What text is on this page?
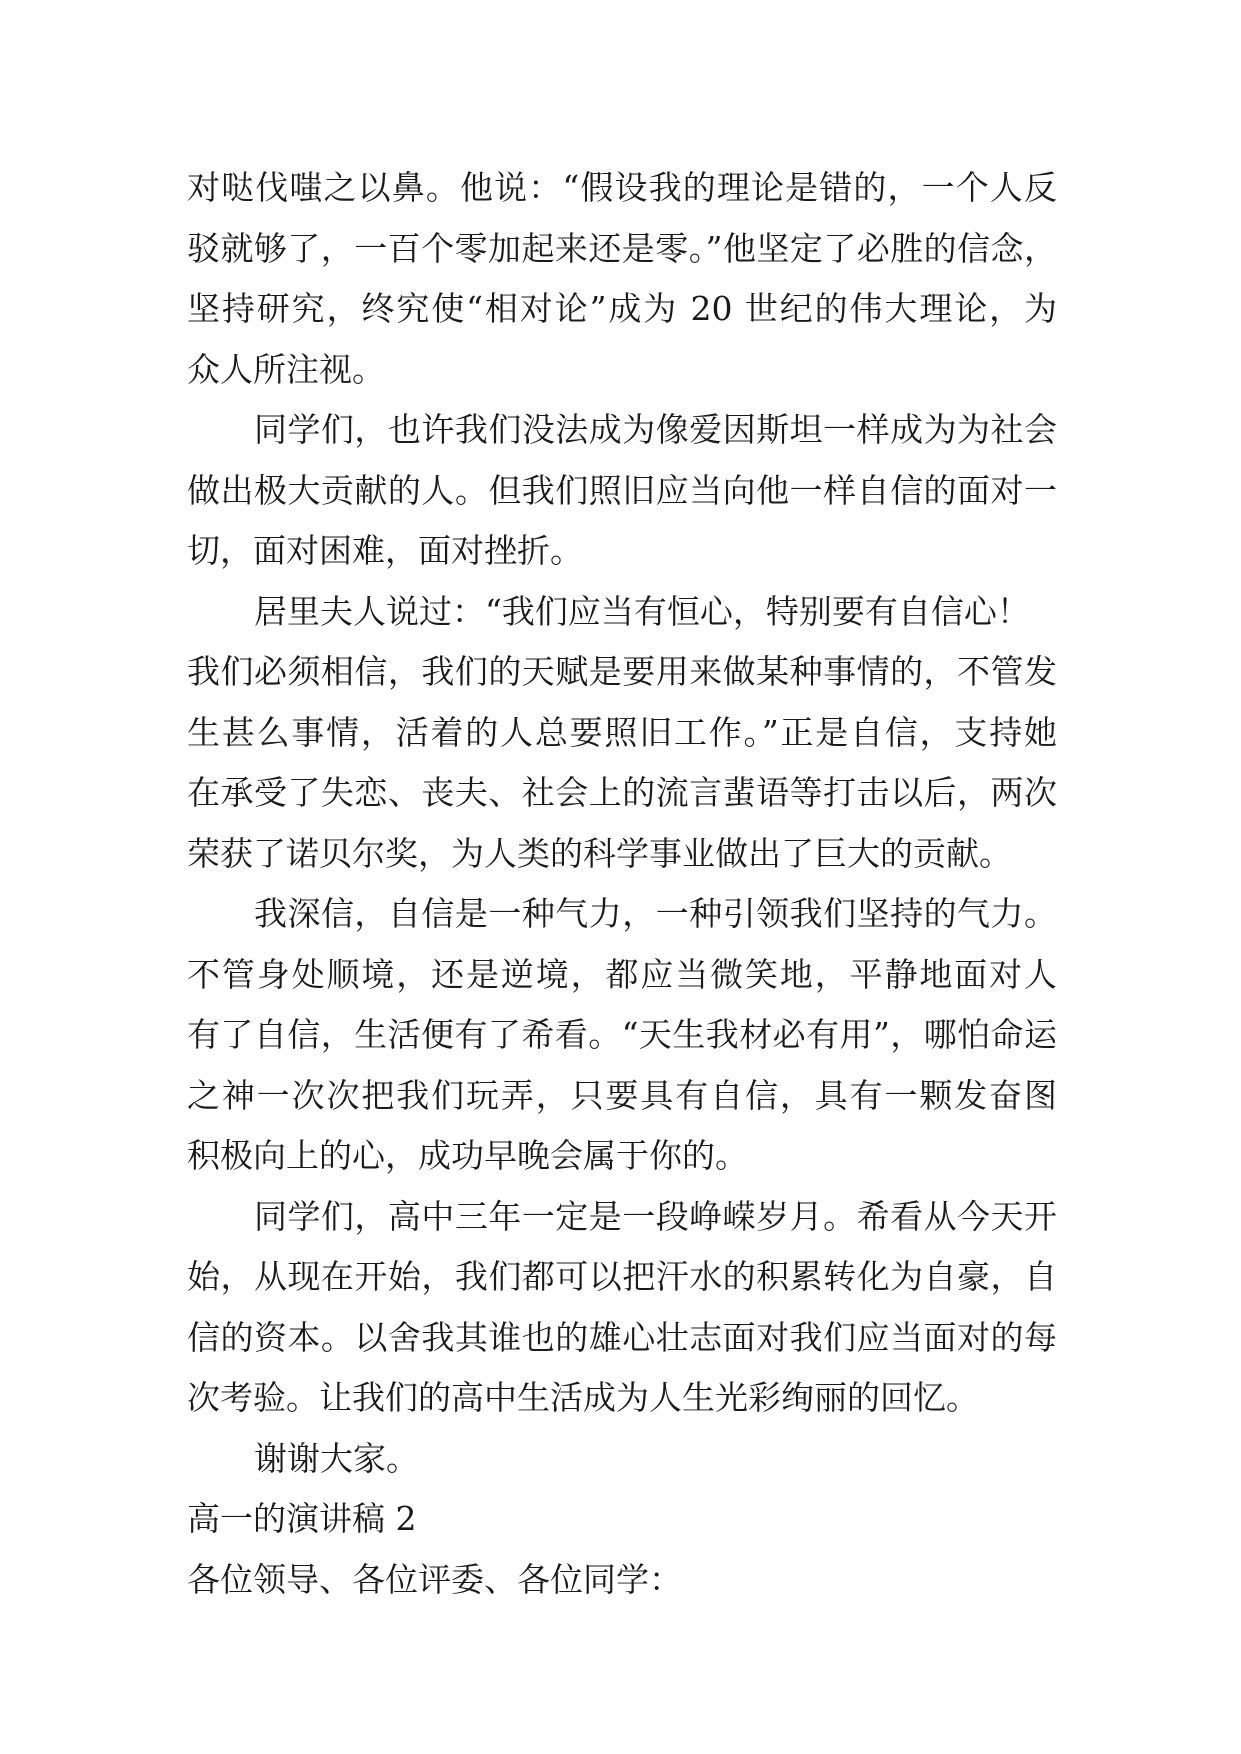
对哒伐嗤之以鼻。他说：“假设我的理论是错的，一个人反
驳就够了，一百个零加起来还是零。”他坚定了必胜的信念，
坚持研究，终究使“相对论”成为 20 世纪的伟大理论，为
众人所注视。
同学们，也许我们没法成为像爱因斯坦一样成为为社会
做出极大贡献的人。但我们照旧应当向他一样自信的面对一
切，面对困难，面对挫折。
居里夫人说过：“我们应当有恒心，特别要有自信心！
我们必须相信，我们的天赋是要用来做某种事情的，不管发
生甚么事情，活着的人总要照旧工作。”正是自信，支持她
在承受了失恋、丧夫、社会上的流言蜚语等打击以后，两次
荣获了诺贝尔奖，为人类的科学事业做出了巨大的贡献。
我深信，自信是一种气力，一种引领我们坚持的气力。
不管身处顺境，还是逆境，都应当微笑地，平静地面对人
有了自信，生活便有了希看。“天生我材必有用”，哪怕命运
之神一次次把我们玩弄，只要具有自信，具有一颗发奋图
积极向上的心，成功早晚会属于你的。
同学们，高中三年一定是一段峥嵘岁月。希看从今天开
始，从现在开始，我们都可以把汗水的积累转化为自豪，自
信的资本。以舍我其谁也的雄心壮志面对我们应当面对的每
次考验。让我们的高中生活成为人生光彩绚丽的回忆。
谢谢大家。
高一的演讲稿 2
各位领导、各位评委、各位同学：
